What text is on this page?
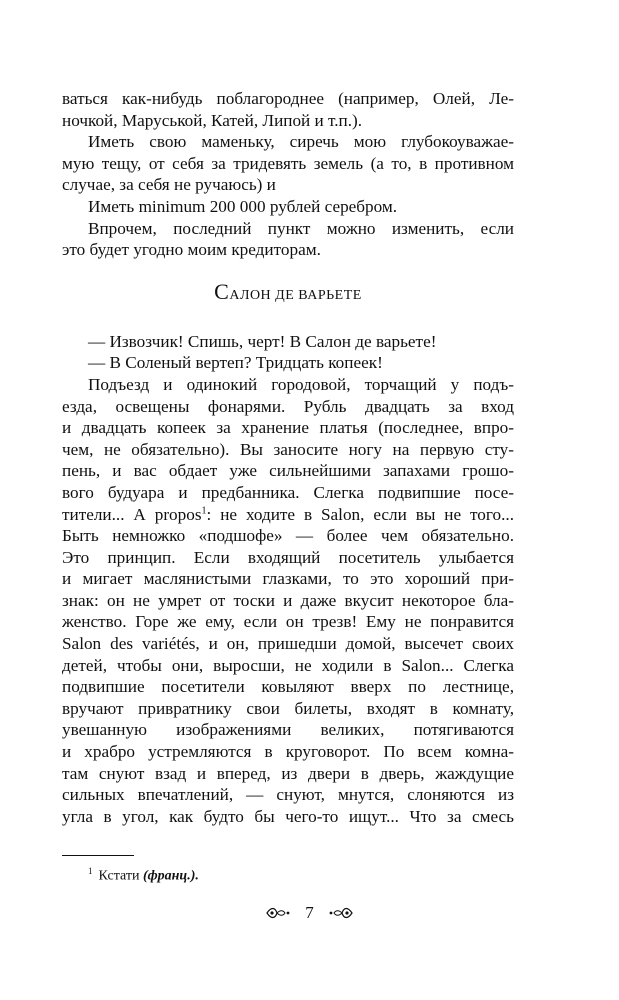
ваться как-нибудь поблагороднее (например, Олей, Ле-
ночкой, Маруськой, Катей, Липой и т.п.).
Иметь свою маменьку, сиречь мою глубокоуважае-
мую тещу, от себя за тридевять земель (а то, в противном
случае, за себя не ручаюсь) и
Иметь minimum 200 000 рублей серебром.
Впрочем, последний пункт можно изменить, если
это будет угодно моим кредиторам.
Салон де варьете
— Извозчик! Спишь, черт! В Салон де варьете!
— В Соленый вертеп? Тридцать копеек!
Подъезд и одинокий городовой, торчащий у подъ-
езда, освещены фонарями. Рубль двадцать за вход
и двадцать копеек за хранение платья (последнее, впро-
чем, не обязательно). Вы заносите ногу на первую сту-
пень, и вас обдает уже сильнейшими запахами грошо-
вого будуара и предбанника. Слегка подвипшие посе-
тители... А propos$^1$: не ходите в Salon, если вы не того...
Быть немножко «подшофе» — более чем обязательно.
Это принцип. Если входящий посетитель улыбается
и мигает маслянистыми глазками, то это хороший при-
знак: он не умрет от тоски и даже вкусит некоторое бла-
женство. Горе же ему, если он трезв! Ему не понравится
Salon des variétés, и он, пришедши домой, высечет своих
детей, чтобы они, выросши, не ходили в Salon... Слегка
подвипшие посетители ковыляют вверх по лестнице,
вручают привратнику свои билеты, входят в комнату,
увешанную изображениями великих, потягиваются
и храбро устремляются в круговорот. По всем комна-
там снуют взад и вперед, из двери в дверь, жаждущие
сильных впечатлений, — снуют, мнутся, слоняются из
угла в угол, как будто бы чего-то ищут... Что за смесь
$^1$ Кстати (франц.).
7
